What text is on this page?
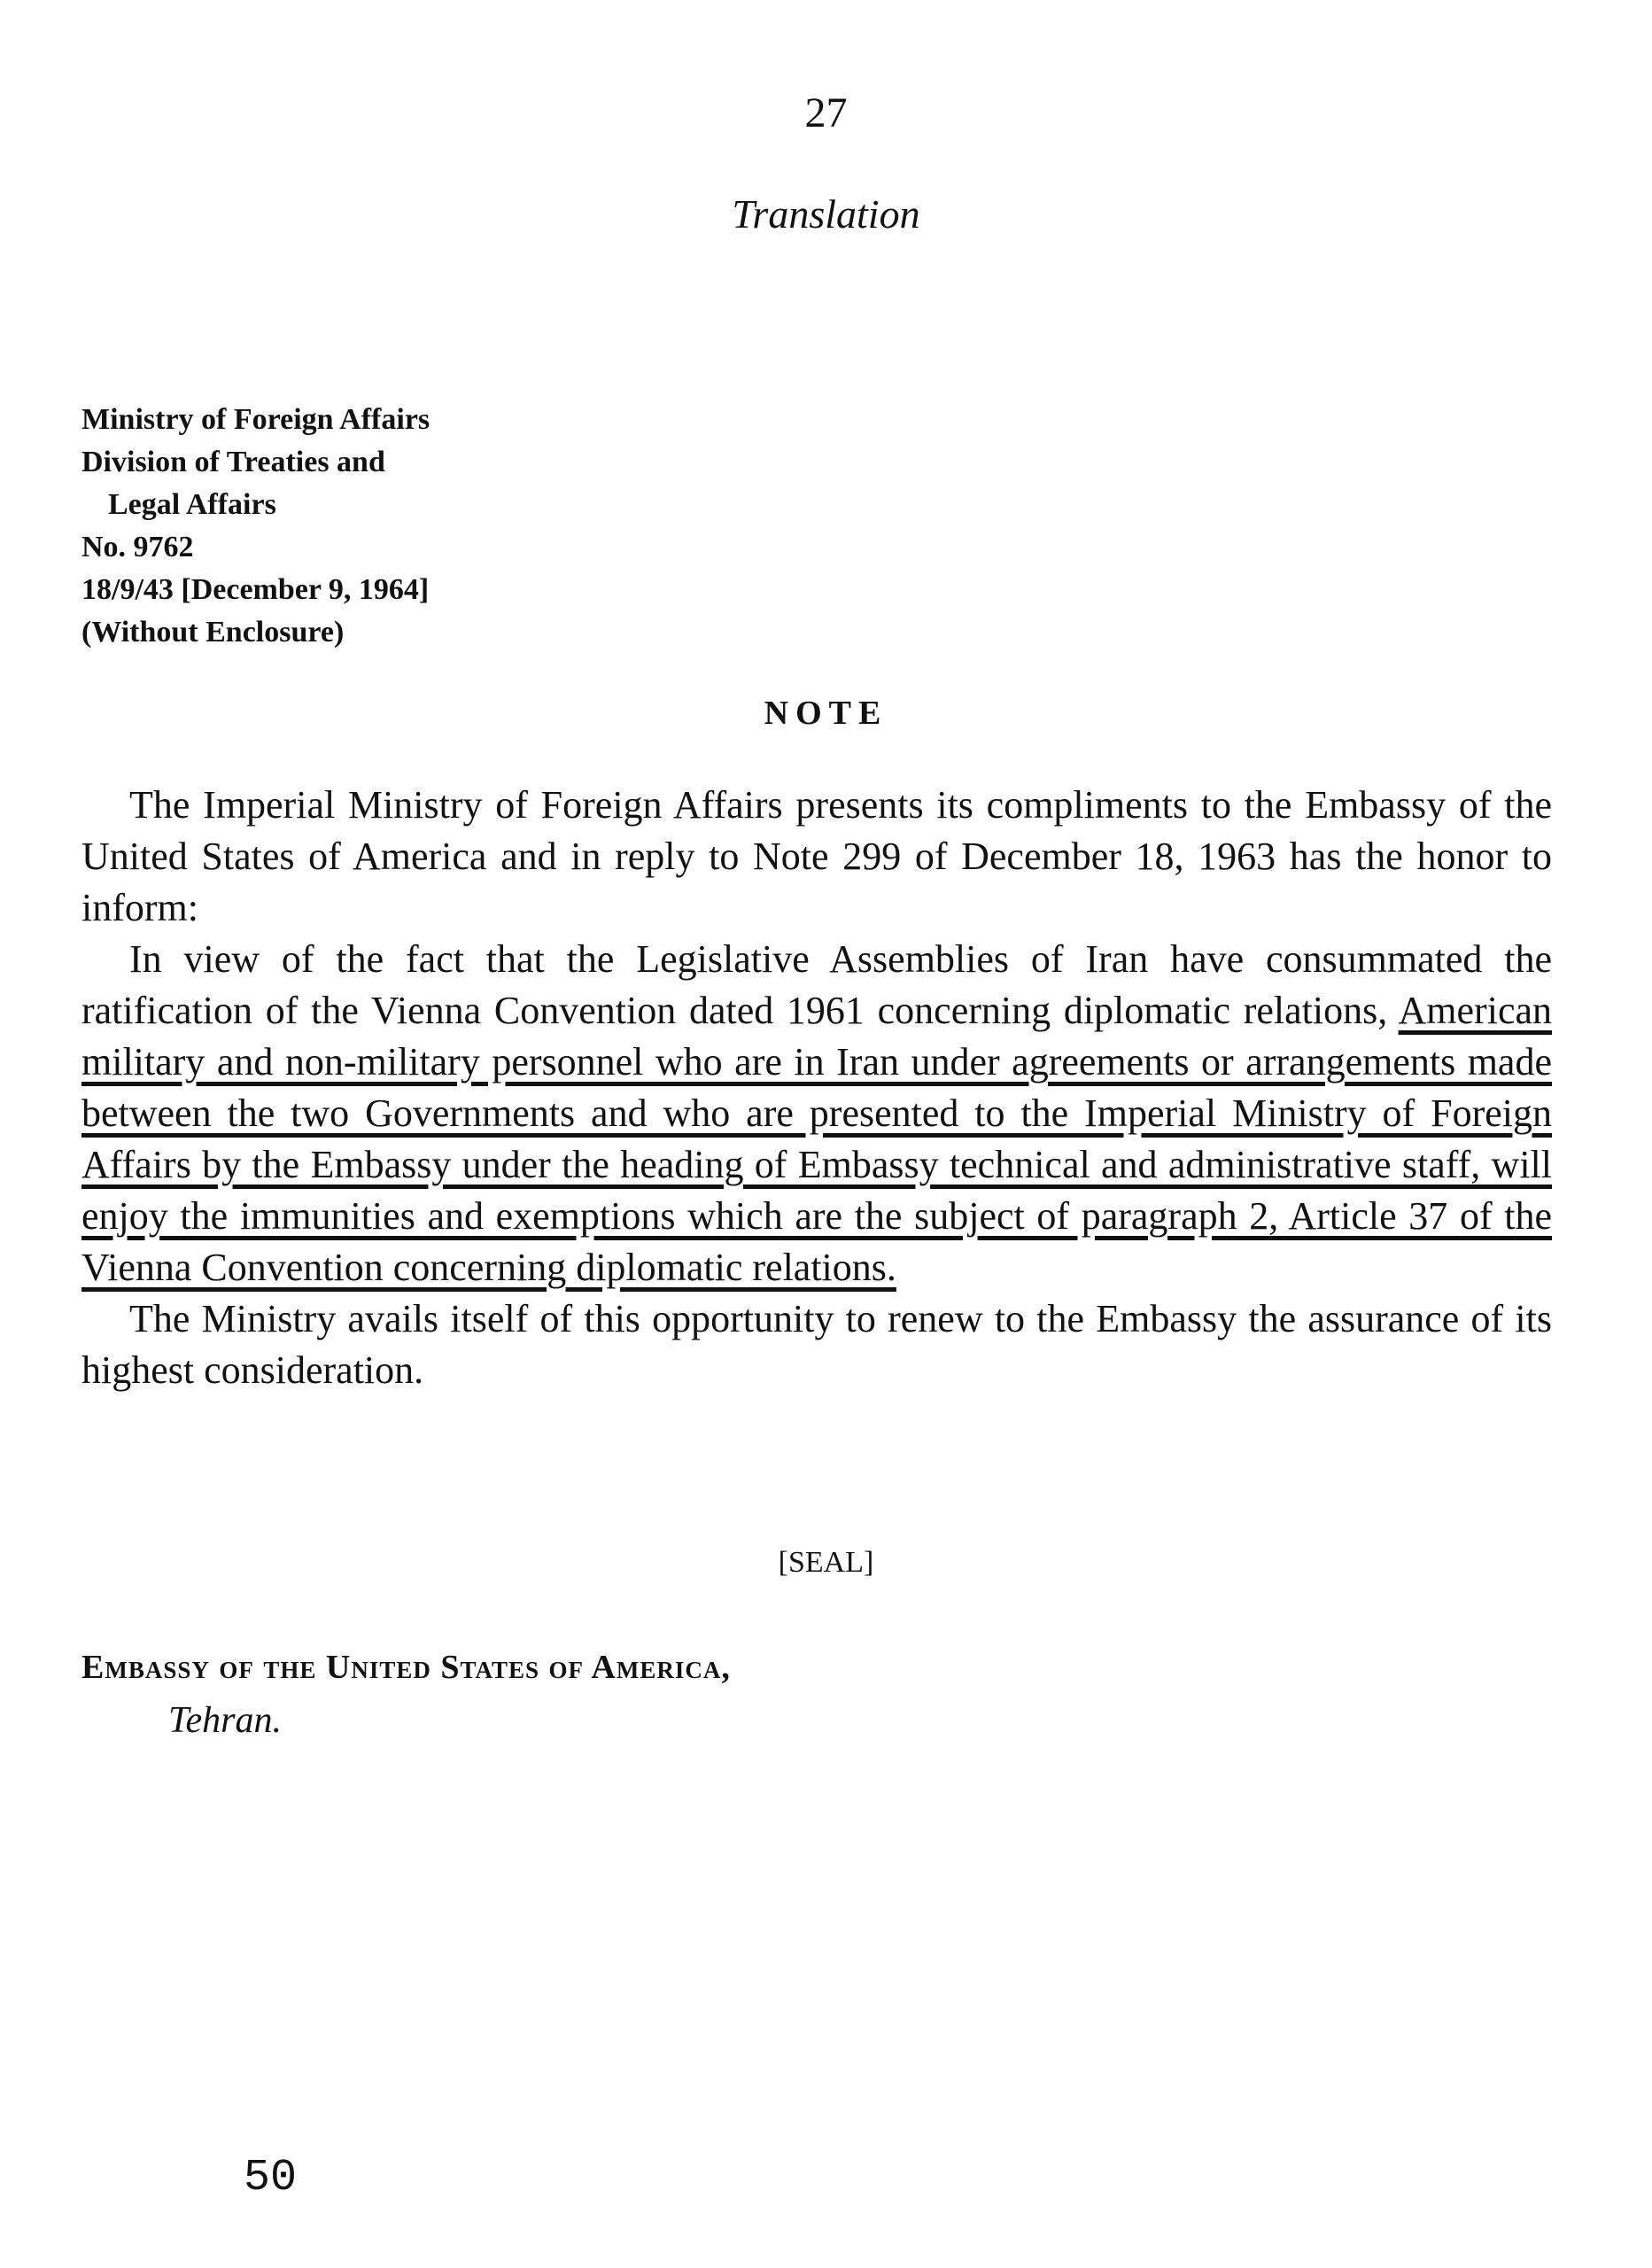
27
Translation
Ministry of Foreign Affairs
Division of Treaties and
Legal Affairs
No. 9762
18/9/43 [December 9, 1964]
(Without Enclosure)
NOTE

The Imperial Ministry of Foreign Affairs presents its compliments to the Embassy of the United States of America and in reply to Note 299 of December 18, 1963 has the honor to inform:

In view of the fact that the Legislative Assemblies of Iran have consummated the ratification of the Vienna Convention dated 1961 concerning diplomatic relations, American military and non-military personnel who are in Iran under agreements or arrangements made between the two Governments and who are presented to the Imperial Ministry of Foreign Affairs by the Embassy under the heading of Embassy technical and administrative staff, will enjoy the immunities and exemptions which are the subject of paragraph 2, Article 37 of the Vienna Convention concerning diplomatic relations.

The Ministry avails itself of this opportunity to renew to the Embassy the assurance of its highest consideration.

[SEAL]
Embassy of the United States of America,
Tehran.
50
